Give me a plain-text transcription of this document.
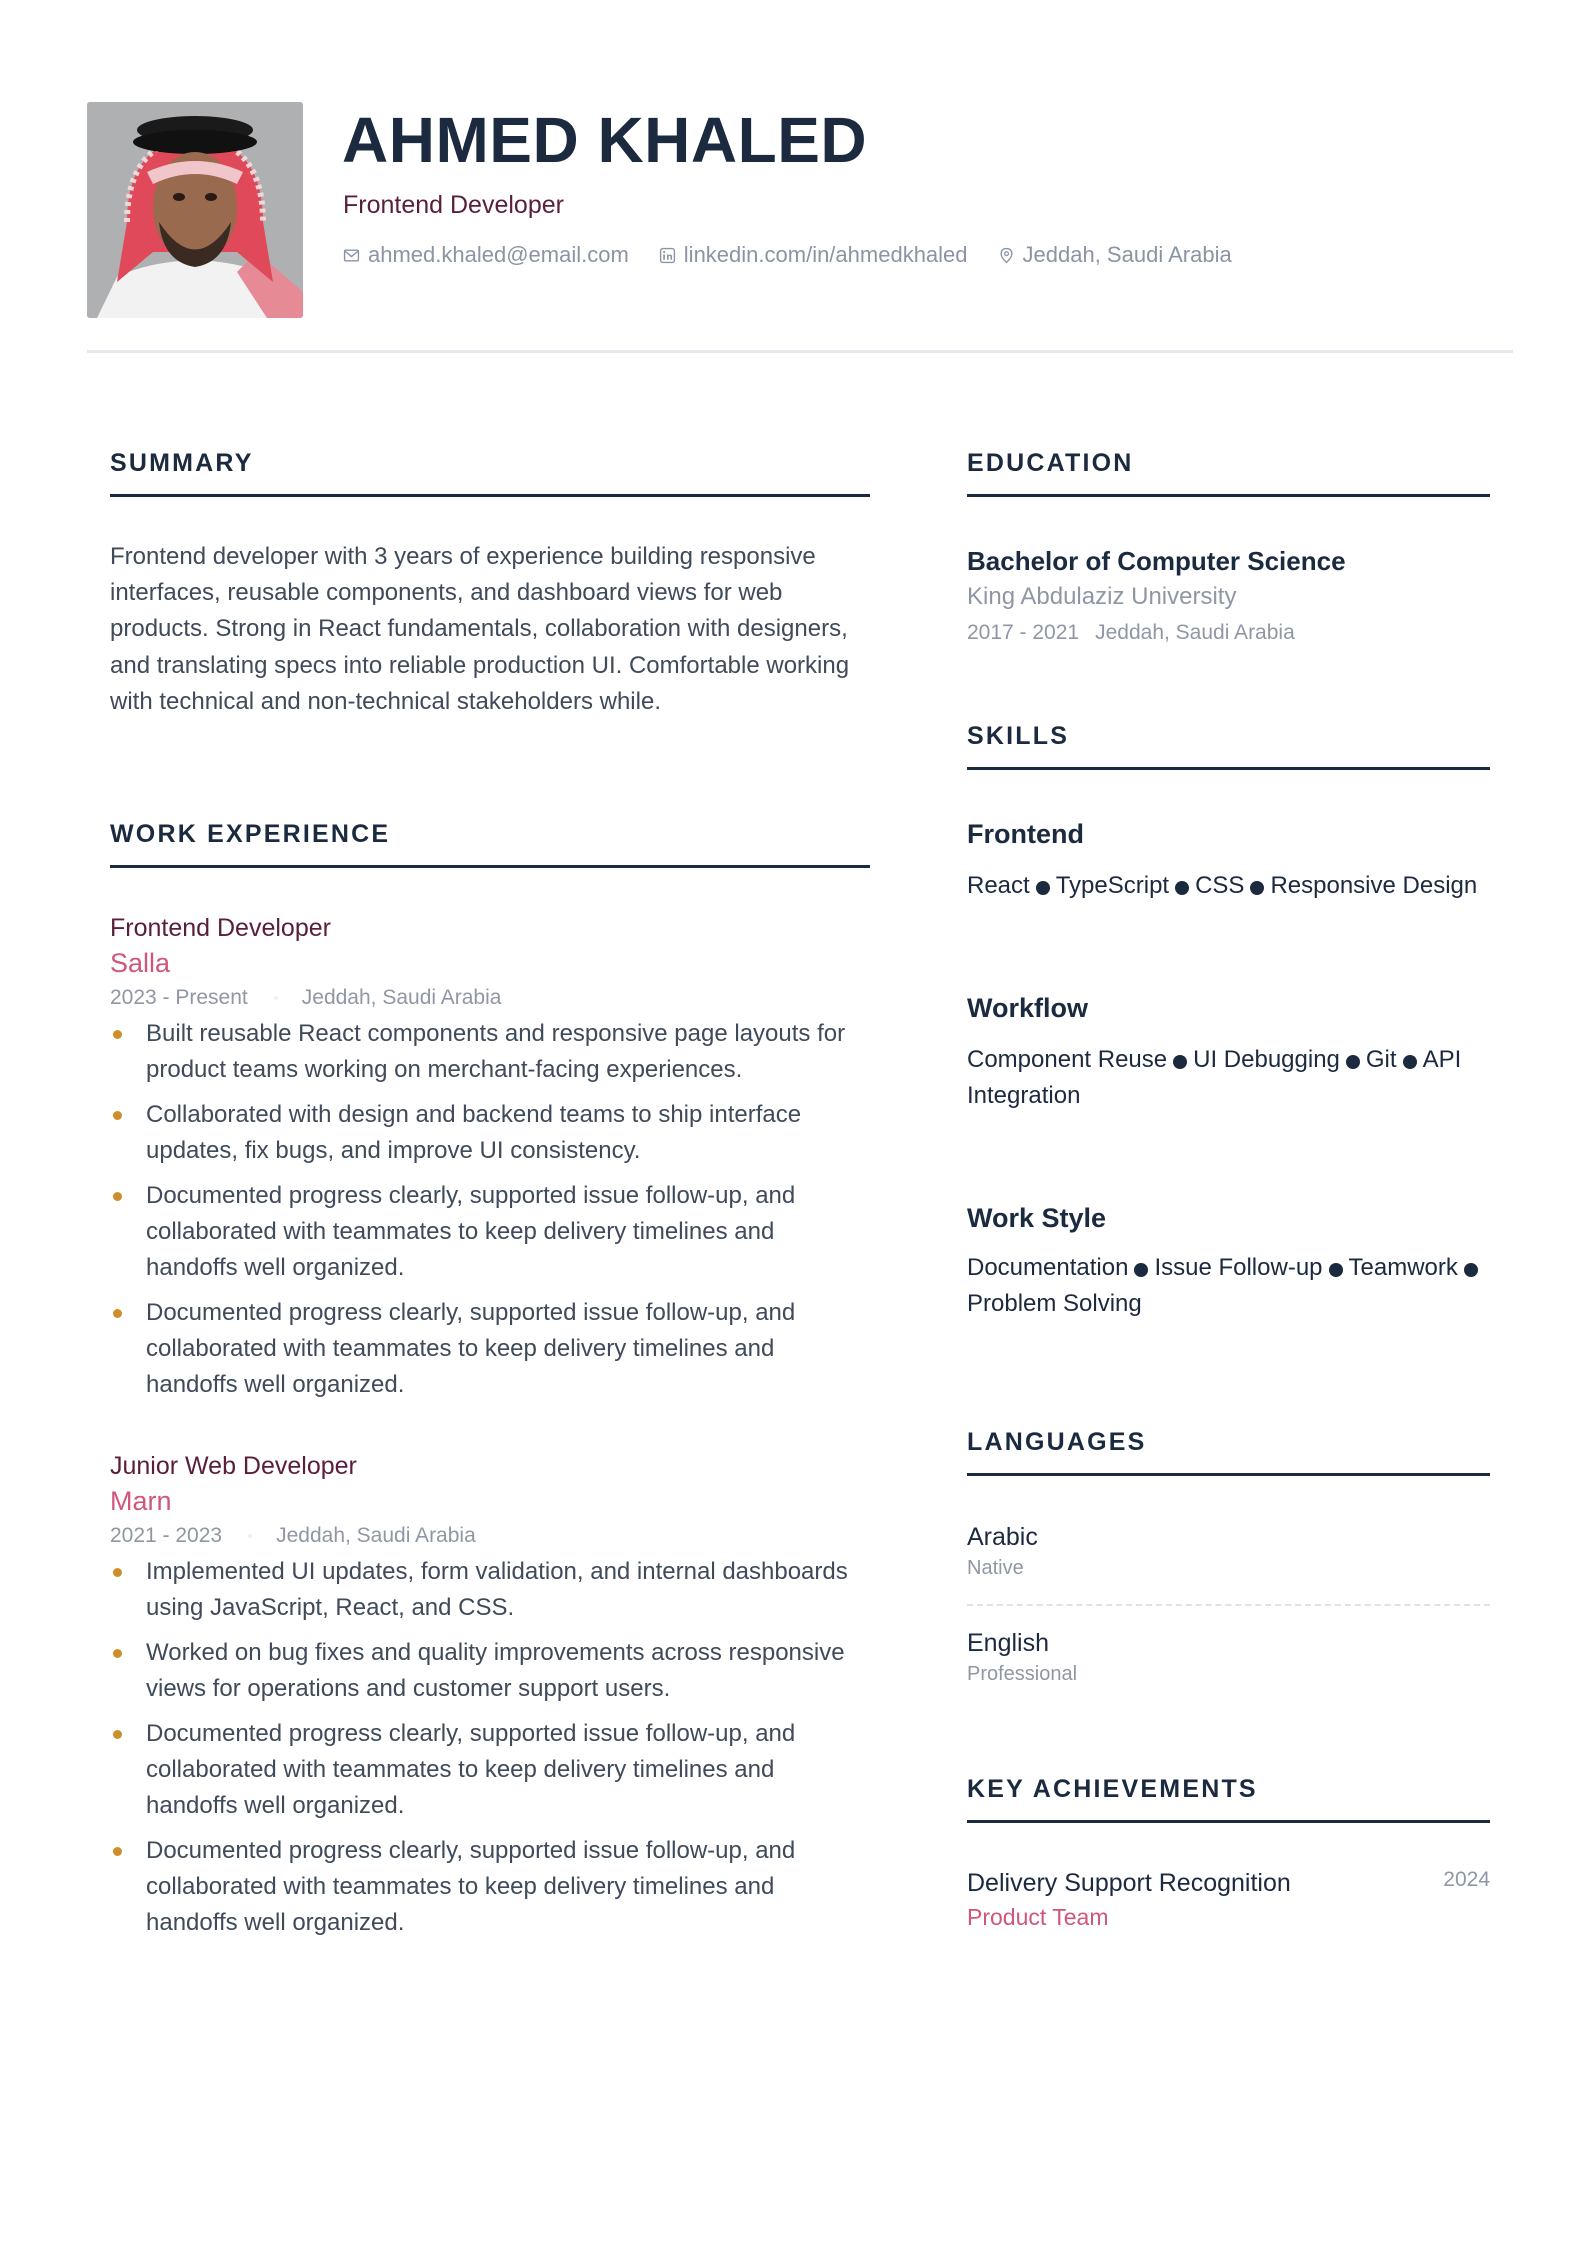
AHMED KHALED
Frontend Developer
ahmed.khaled@email.com	linkedin.com/in/ahmedkhaled	Jeddah, Saudi Arabia
SUMMARY

Frontend developer with 3 years of experience building responsive interfaces, reusable components, and dashboard views for web products. Strong in React fundamentals, collaboration with designers, and translating specs into reliable production UI. Comfortable working with technical and non-technical stakeholders while.

WORK EXPERIENCE
Frontend Developer
Salla
2023 - Present	Jeddah, Saudi Arabia
Built reusable React components and responsive page layouts for product teams working on merchant-facing experiences.
Collaborated with design and backend teams to ship interface updates, fix bugs, and improve UI consistency.
Documented progress clearly, supported issue follow-up, and collaborated with teammates to keep delivery timelines and handoffs well organized.
Documented progress clearly, supported issue follow-up, and collaborated with teammates to keep delivery timelines and handoffs well organized.
Junior Web Developer
Marn
2021 - 2023	Jeddah, Saudi Arabia
Implemented UI updates, form validation, and internal dashboards using JavaScript, React, and CSS.
Worked on bug fixes and quality improvements across responsive views for operations and customer support users.
Documented progress clearly, supported issue follow-up, and collaborated with teammates to keep delivery timelines and handoffs well organized.
Documented progress clearly, supported issue follow-up, and collaborated with teammates to keep delivery timelines and handoffs well organized.
EDUCATION
Bachelor of Computer Science
King Abdulaziz University
2017 - 2021 Jeddah, Saudi Arabia
SKILLS
Frontend
React TypeScript CSS Responsive Design
Workflow
Component Reuse UI Debugging Git API Integration
Work Style
Documentation Issue Follow-up TeamworkProblem Solving
LANGUAGES
Arabic
Native
English
Professional
KEY ACHIEVEMENTS
Delivery Support Recognition	2024
Product Team
